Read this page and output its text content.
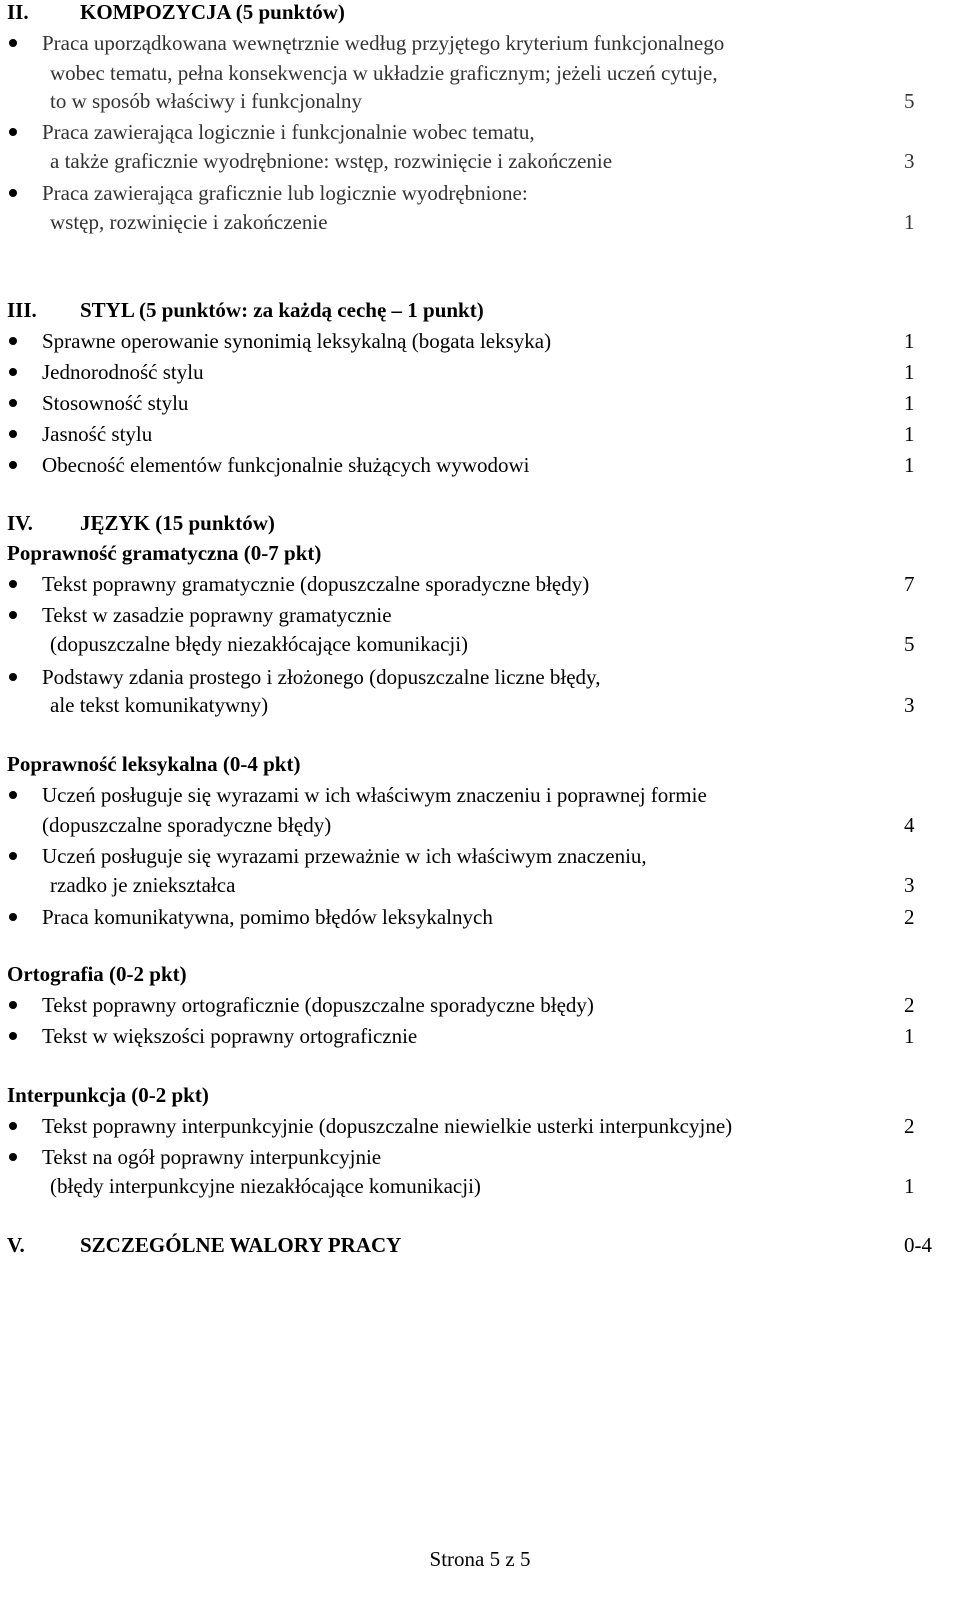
II. KOMPOZYCJA (5 punktów)
Praca uporządkowana wewnętrznie według przyjętego kryterium funkcjonalnego
wobec tematu, pełna konsekwencja w układzie graficznym; jeżeli uczeń cytuje,
to w sposób właściwy i funkcjonalny	5
Praca zawierająca logicznie i funkcjonalnie wobec tematu,
a także graficznie wyodrębnione: wstęp, rozwinięcie i zakończenie	3
Praca zawierająca graficznie lub logicznie wyodrębnione:
wstęp, rozwinięcie i zakończenie	1
III. STYL (5 punktów: za każdą cechę – 1 punkt)
Sprawne operowanie synonimią leksykalną (bogata leksyka)	1
Jednorodność stylu	1
Stosowność stylu	1
Jasność stylu	1
Obecność elementów funkcjonalnie służących wywodowi	1
IV. JĘZYK (15 punktów)
Poprawność gramatyczna (0-7 pkt)
Tekst poprawny gramatycznie (dopuszczalne sporadyczne błędy)	7
Tekst w zasadzie poprawny gramatycznie
(dopuszczalne błędy niezakłócające komunikacji)	5
Podstawy zdania prostego i złożonego (dopuszczalne liczne błędy,
ale tekst komunikatywny)	3
Poprawność leksykalna (0-4 pkt)
Uczeń posługuje się wyrazami w ich właściwym znaczeniu i poprawnej formie
(dopuszczalne sporadyczne błędy)	4
Uczeń posługuje się wyrazami przeważnie w ich właściwym znaczeniu,
rzadko je zniekształca	3
Praca komunikatywna, pomimo błędów leksykalnych	2
Ortografia (0-2 pkt)
Tekst poprawny ortograficznie (dopuszczalne sporadyczne błędy)	2
Tekst w większości poprawny ortograficznie	1
Interpunkcja (0-2 pkt)
Tekst poprawny interpunkcyjnie (dopuszczalne niewielkie usterki interpunkcyjne)	2
Tekst na ogół poprawny interpunkcyjnie
(błędy interpunkcyjne niezakłócające komunikacji)	1
V.	SZCZEGÓLNE WALORY PRACY	0-4
Strona 5 z 5
